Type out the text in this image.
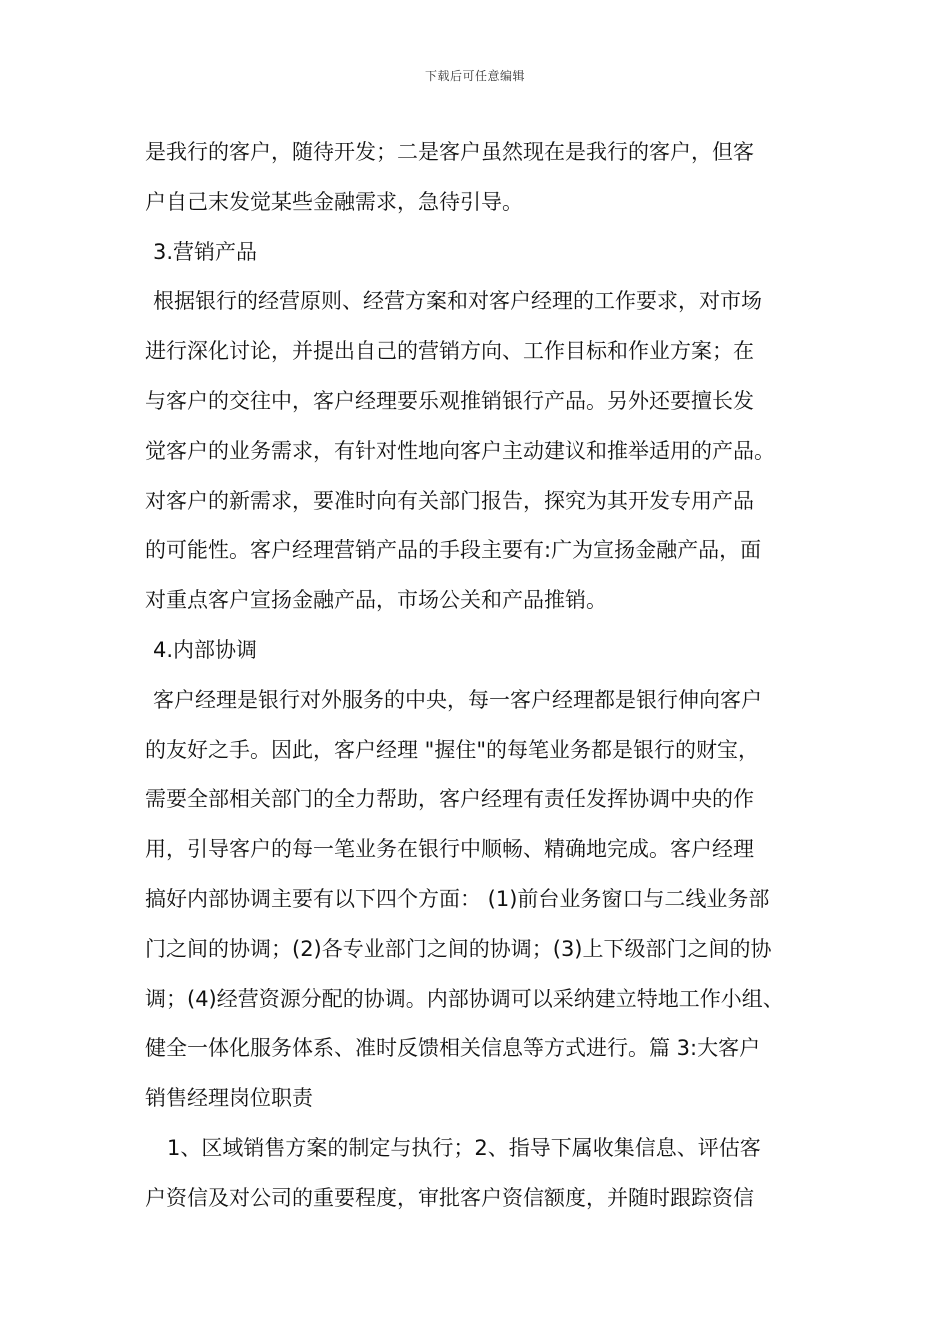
下载后可任意编辑
是我行的客户，随待开发；二是客户虽然现在是我行的客户，但客
户自己末发觉某些金融需求，急待引导。
3.营销产品
根据银行的经营原则、经营方案和对客户经理的工作要求，对市场
进行深化讨论，并提出自己的营销方向、工作目标和作业方案；在
与客户的交往中，客户经理要乐观推销银行产品。另外还要擅长发
觉客户的业务需求，有针对性地向客户主动建议和推举适用的产品。
对客户的新需求，要准时向有关部门报告，探究为其开发专用产品
的可能性。客户经理营销产品的手段主要有:广为宣扬金融产品，面
对重点客户宣扬金融产品，市场公关和产品推销。
4.内部协调
客户经理是银行对外服务的中央，每一客户经理都是银行伸向客户
的友好之手。因此，客户经理 "握住"的每笔业务都是银行的财宝，
需要全部相关部门的全力帮助，客户经理有责任发挥协调中央的作
用，引导客户的每一笔业务在银行中顺畅、精确地完成。客户经理
搞好内部协调主要有以下四个方面： (1)前台业务窗口与二线业务部
门之间的协调；(2)各专业部门之间的协调；(3)上下级部门之间的协
调；(4)经营资源分配的协调。内部协调可以采纳建立特地工作小组、
健全一体化服务体系、准时反馈相关信息等方式进行。篇 3:大客户
销售经理岗位职责
1、区域销售方案的制定与执行；2、指导下属收集信息、评估客
户资信及对公司的重要程度，审批客户资信额度，并随时跟踪资信
